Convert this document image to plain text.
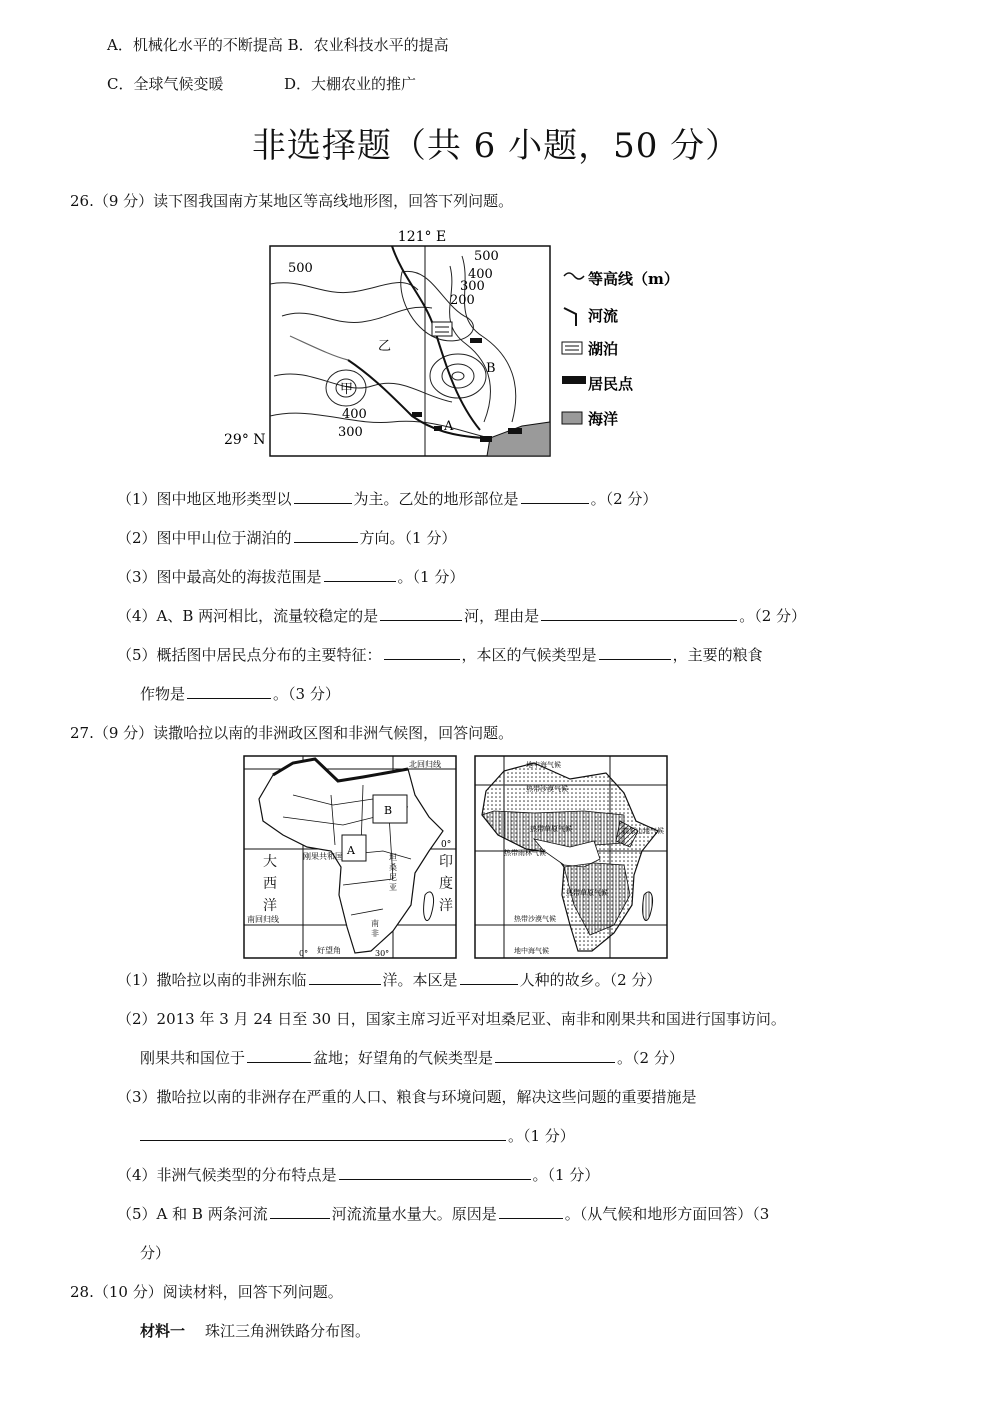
A．机械化水平的不断提高 B．农业科技水平的提高
C．全球气候变暖	D．大棚农业的推广
非选择题（共 6 小题，50 分）
26.（9 分）读下图我国南方某地区等高线地形图，回答下列问题。
121° E
29° N
500
500
400
300
200
400
300
乙
甲
A
B
等高线（m）
河流
湖泊
居民点
海洋
（1）图中地区地形类型以	为主。乙处的地形部位是	。（2 分）
（2）图中甲山位于湖泊的	方向。（1 分）
（3）图中最高处的海拔范围是	。（1 分）
（4）A、B 两河相比，流量较稳定的是	河，理由是	。（2 分）
（5）概括图中居民点分布的主要特征：	，本区的气候类型是	，主要的粮食
作物是	。（3 分）
27.（9 分）读撒哈拉以南的非洲政区图和非洲气候图，回答问题。
A
B
北回归线
南回归线
0°
0°	30°
好望角
刚果共和国
大西洋
印度洋
坦桑尼亚
南非
地中海气候
热带沙漠气候
热带草原气候	高原山地气候
热带雨林气候
热带草原气候
热带沙漠气候
地中海气候
（1）撒哈拉以南的非洲东临	洋。本区是	人种的故乡。（2 分）
（2）2013 年 3 月 24 日至 30 日，国家主席习近平对坦桑尼亚、南非和刚果共和国进行国事访问。
刚果共和国位于	盆地；好望角的气候类型是	。（2 分）
（3）撒哈拉以南的非洲存在严重的人口、粮食与环境问题，解决这些问题的重要措施是
。（1 分）
（4）非洲气候类型的分布特点是	。（1 分）
（5）A 和 B 两条河流	河流流量水量大。原因是	。（从气候和地形方面回答）（3
分）
28.（10 分）阅读材料，回答下列问题。
材料一 珠江三角洲铁路分布图。
